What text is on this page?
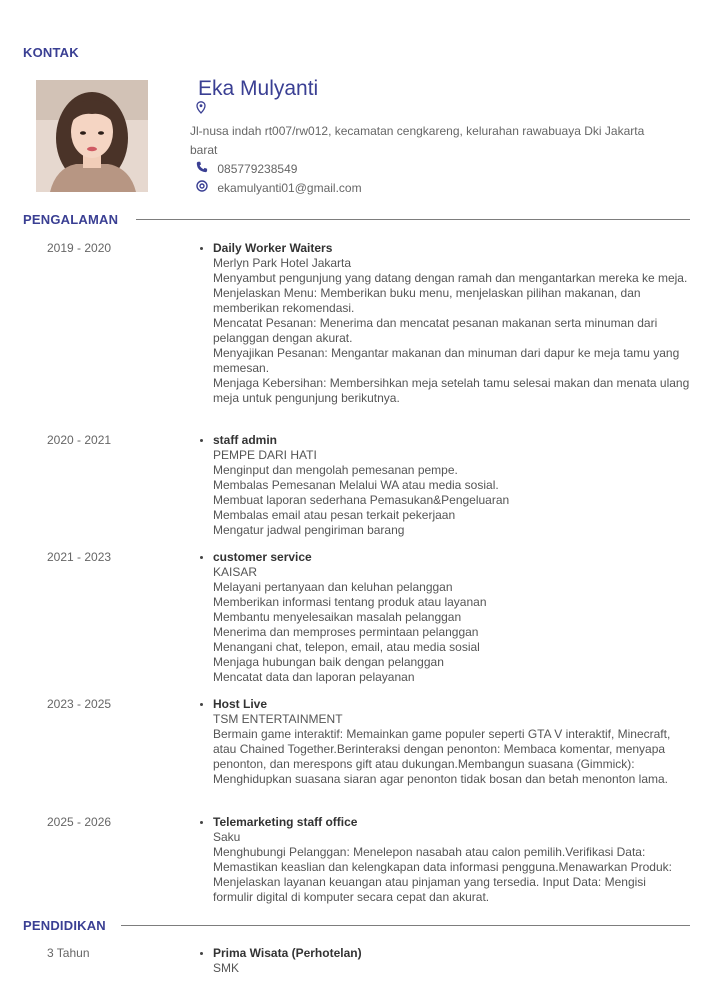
KONTAK
Eka Mulyanti
Jl-nusa indah rt007/rw012, kecamatan cengkareng, kelurahan rawabuaya Dki Jakarta barat
085779238549
ekamulyanti01@gmail.com
PENGALAMAN
2019 - 2020	Daily Worker Waiters

Merlyn Park Hotel Jakarta

Menyambut pengunjung yang datang dengan ramah dan mengantarkan mereka ke meja.

Menjelaskan Menu: Memberikan buku menu, menjelaskan pilihan makanan, dan memberikan rekomendasi.

Mencatat Pesanan: Menerima dan mencatat pesanan makanan serta minuman dari pelanggan dengan akurat.

Menyajikan Pesanan: Mengantar makanan dan minuman dari dapur ke meja tamu yang memesan.

Menjaga Kebersihan: Membersihkan meja setelah tamu selesai makan dan menata ulang meja untuk pengunjung berikutnya.

2020 - 2021	staff admin

PEMPE DARI HATI

Menginput dan mengolah pemesanan pempe.

Membalas Pemesanan Melalui WA atau media sosial.

Membuat laporan sederhana Pemasukan&Pengeluaran

Membalas email atau pesan terkait pekerjaan

Mengatur jadwal pengiriman barang

2021 - 2023	customer service

KAISAR

Melayani pertanyaan dan keluhan pelanggan

Memberikan informasi tentang produk atau layanan

Membantu menyelesaikan masalah pelanggan

Menerima dan memproses permintaan pelanggan

Menangani chat, telepon, email, atau media sosial

Menjaga hubungan baik dengan pelanggan

Mencatat data dan laporan pelayanan

2023 - 2025	Host Live

TSM ENTERTAINMENT

Bermain game interaktif: Memainkan game populer seperti GTA V interaktif, Minecraft, atau Chained Together.Berinteraksi dengan penonton: Membaca komentar, menyapa penonton, dan merespons gift atau dukungan.Membangun suasana (Gimmick): Menghidupkan suasana siaran agar penonton tidak bosan dan betah menonton lama.

2025 - 2026	Telemarketing staff office

Saku

Menghubungi Pelanggan: Menelepon nasabah atau calon pemilih.Verifikasi Data: Memastikan keaslian dan kelengkapan data informasi pengguna.Menawarkan Produk: Menjelaskan layanan keuangan atau pinjaman yang tersedia. Input Data: Mengisi formulir digital di komputer secara cepat dan akurat.

PENDIDIKAN
3 Tahun	Prima Wisata (Perhotelan)

SMK
